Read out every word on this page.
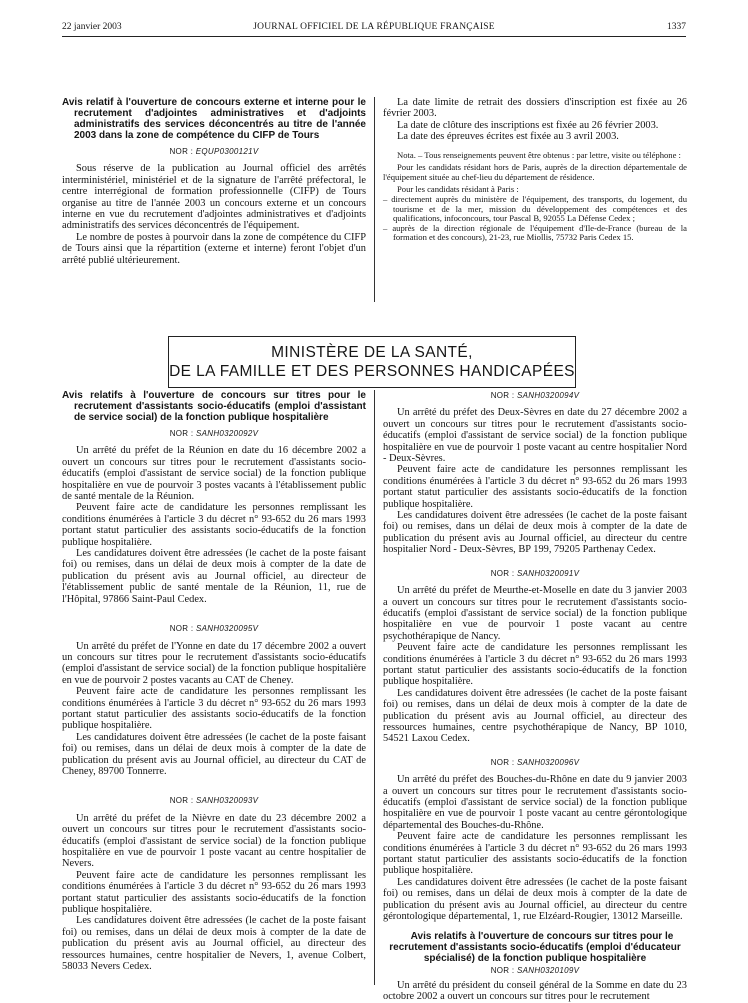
22 janvier 2003	JOURNAL OFFICIEL DE LA RÉPUBLIQUE FRANÇAISE	1337

Avis relatif à l'ouverture de concours externe et interne pour le recrutement d'adjointes administratives et d'adjoints administratifs des services déconcentrés au titre de l'année 2003 dans la zone de compétence du CIFP de Tours

NOR : EQUP0300121V

Sous réserve de la publication au Journal officiel des arrêtés interministériel, ministériel et de la signature de l'arrêté préfectoral, le centre interrégional de formation professionnelle (CIFP) de Tours organise au titre de l'année 2003 un concours externe et un concours interne en vue du recrutement d'adjointes administratives et d'adjoints administratifs des services déconcentrés de l'équipement.

Le nombre de postes à pourvoir dans la zone de compétence du CIFP de Tours ainsi que la répartition (externe et interne) feront l'objet d'un arrêté publié ultérieurement.

La date limite de retrait des dossiers d'inscription est fixée au 26 février 2003.

La date de clôture des inscriptions est fixée au 26 février 2003.

La date des épreuves écrites est fixée au 3 avril 2003.

Nota. – Tous renseignements peuvent être obtenus : par lettre, visite ou téléphone :

Pour les candidats résidant hors de Paris, auprès de la direction départementale de l'équipement située au chef-lieu du département de résidence.

Pour les candidats résidant à Paris :

– directement auprès du ministère de l'équipement, des transports, du logement, du tourisme et de la mer, mission du développement des compétences et des qualifications, infoconcours, tour Pascal B, 92055 La Défense Cedex ;
– auprès de la direction régionale de l'équipement d'Ile-de-France (bureau de la formation et des concours), 21-23, rue Miollis, 75732 Paris Cedex 15.
MINISTÈRE DE LA SANTÉ,
DE LA FAMILLE ET DES PERSONNES HANDICAPÉES

Avis relatifs à l'ouverture de concours sur titres pour le recrutement d'assistants socio-éducatifs (emploi d'assistant de service social) de la fonction publique hospitalière

NOR : SANH0320092V

Un arrêté du préfet de la Réunion en date du 16 décembre 2002 a ouvert un concours sur titres pour le recrutement d'assistants socio-éducatifs (emploi d'assistant de service social) de la fonction publique hospitalière en vue de pourvoir 3 postes vacants à l'établissement public de santé mentale de la Réunion.

Peuvent faire acte de candidature les personnes remplissant les conditions énumérées à l'article 3 du décret n° 93-652 du 26 mars 1993 portant statut particulier des assistants socio-éducatifs de la fonction publique hospitalière.

Les candidatures doivent être adressées (le cachet de la poste faisant foi) ou remises, dans un délai de deux mois à compter de la date de publication du présent avis au Journal officiel, au directeur de l'établissement public de santé mentale de la Réunion, 11, rue de l'Hôpital, 97866 Saint-Paul Cedex.

NOR : SANH0320095V

Un arrêté du préfet de l'Yonne en date du 17 décembre 2002 a ouvert un concours sur titres pour le recrutement d'assistants socio-éducatifs (emploi d'assistant de service social) de la fonction publique hospitalière en vue de pourvoir 2 postes vacants au CAT de Cheney.

Peuvent faire acte de candidature les personnes remplissant les conditions énumérées à l'article 3 du décret n° 93-652 du 26 mars 1993 portant statut particulier des assistants socio-éducatifs de la fonction publique hospitalière.

Les candidatures doivent être adressées (le cachet de la poste faisant foi) ou remises, dans un délai de deux mois à compter de la date de publication du présent avis au Journal officiel, au directeur du CAT de Cheney, 89700 Tonnerre.

NOR : SANH0320093V

Un arrêté du préfet de la Nièvre en date du 23 décembre 2002 a ouvert un concours sur titres pour le recrutement d'assistants socio-éducatifs (emploi d'assistant de service social) de la fonction publique hospitalière en vue de pourvoir 1 poste vacant au centre hospitalier de Nevers.

Peuvent faire acte de candidature les personnes remplissant les conditions énumérées à l'article 3 du décret n° 93-652 du 26 mars 1993 portant statut particulier des assistants socio-éducatifs de la fonction publique hospitalière.

Les candidatures doivent être adressées (le cachet de la poste faisant foi) ou remises, dans un délai de deux mois à compter de la date de publication du présent avis au Journal officiel, au directeur des ressources humaines, centre hospitalier de Nevers, 1, avenue Colbert, 58033 Nevers Cedex.

NOR : SANH0320094V

Un arrêté du préfet des Deux-Sèvres en date du 27 décembre 2002 a ouvert un concours sur titres pour le recrutement d'assistants socio-éducatifs (emploi d'assistant de service social) de la fonction publique hospitalière en vue de pourvoir 1 poste vacant au centre hospitalier Nord - Deux-Sèvres.

Peuvent faire acte de candidature les personnes remplissant les conditions énumérées à l'article 3 du décret n° 93-652 du 26 mars 1993 portant statut particulier des assistants socio-éducatifs de la fonction publique hospitalière.

Les candidatures doivent être adressées (le cachet de la poste faisant foi) ou remises, dans un délai de deux mois à compter de la date de publication du présent avis au Journal officiel, au directeur du centre hospitalier Nord - Deux-Sèvres, BP 199, 79205 Parthenay Cedex.

NOR : SANH0320091V

Un arrêté du préfet de Meurthe-et-Moselle en date du 3 janvier 2003 a ouvert un concours sur titres pour le recrutement d'assistants socio-éducatifs (emploi d'assistant de service social) de la fonction publique hospitalière en vue de pourvoir 1 poste vacant au centre psychothérapique de Nancy.

Peuvent faire acte de candidature les personnes remplissant les conditions énumérées à l'article 3 du décret n° 93-652 du 26 mars 1993 portant statut particulier des assistants socio-éducatifs de la fonction publique hospitalière.

Les candidatures doivent être adressées (le cachet de la poste faisant foi) ou remises, dans un délai de deux mois à compter de la date de publication du présent avis au Journal officiel, au directeur des ressources humaines, centre psychothérapique de Nancy, BP 1010, 54521 Laxou Cedex.

NOR : SANH0320096V

Un arrêté du préfet des Bouches-du-Rhône en date du 9 janvier 2003 a ouvert un concours sur titres pour le recrutement d'assistants socio-éducatifs (emploi d'assistant de service social) de la fonction publique hospitalière en vue de pourvoir 1 poste vacant au centre gérontologique départemental des Bouches-du-Rhône.

Peuvent faire acte de candidature les personnes remplissant les conditions énumérées à l'article 3 du décret n° 93-652 du 26 mars 1993 portant statut particulier des assistants socio-éducatifs de la fonction publique hospitalière.

Les candidatures doivent être adressées (le cachet de la poste faisant foi) ou remises, dans un délai de deux mois à compter de la date de publication du présent avis au Journal officiel, au directeur du centre gérontologique départemental, 1, rue Elzéard-Rougier, 13012 Marseille.

Avis relatifs à l'ouverture de concours sur titres pour le recrutement d'assistants socio-éducatifs (emploi d'éducateur spécialisé) de la fonction publique hospitalière

NOR : SANH0320109V

Un arrêté du président du conseil général de la Somme en date du 23 octobre 2002 a ouvert un concours sur titres pour le recrutement
